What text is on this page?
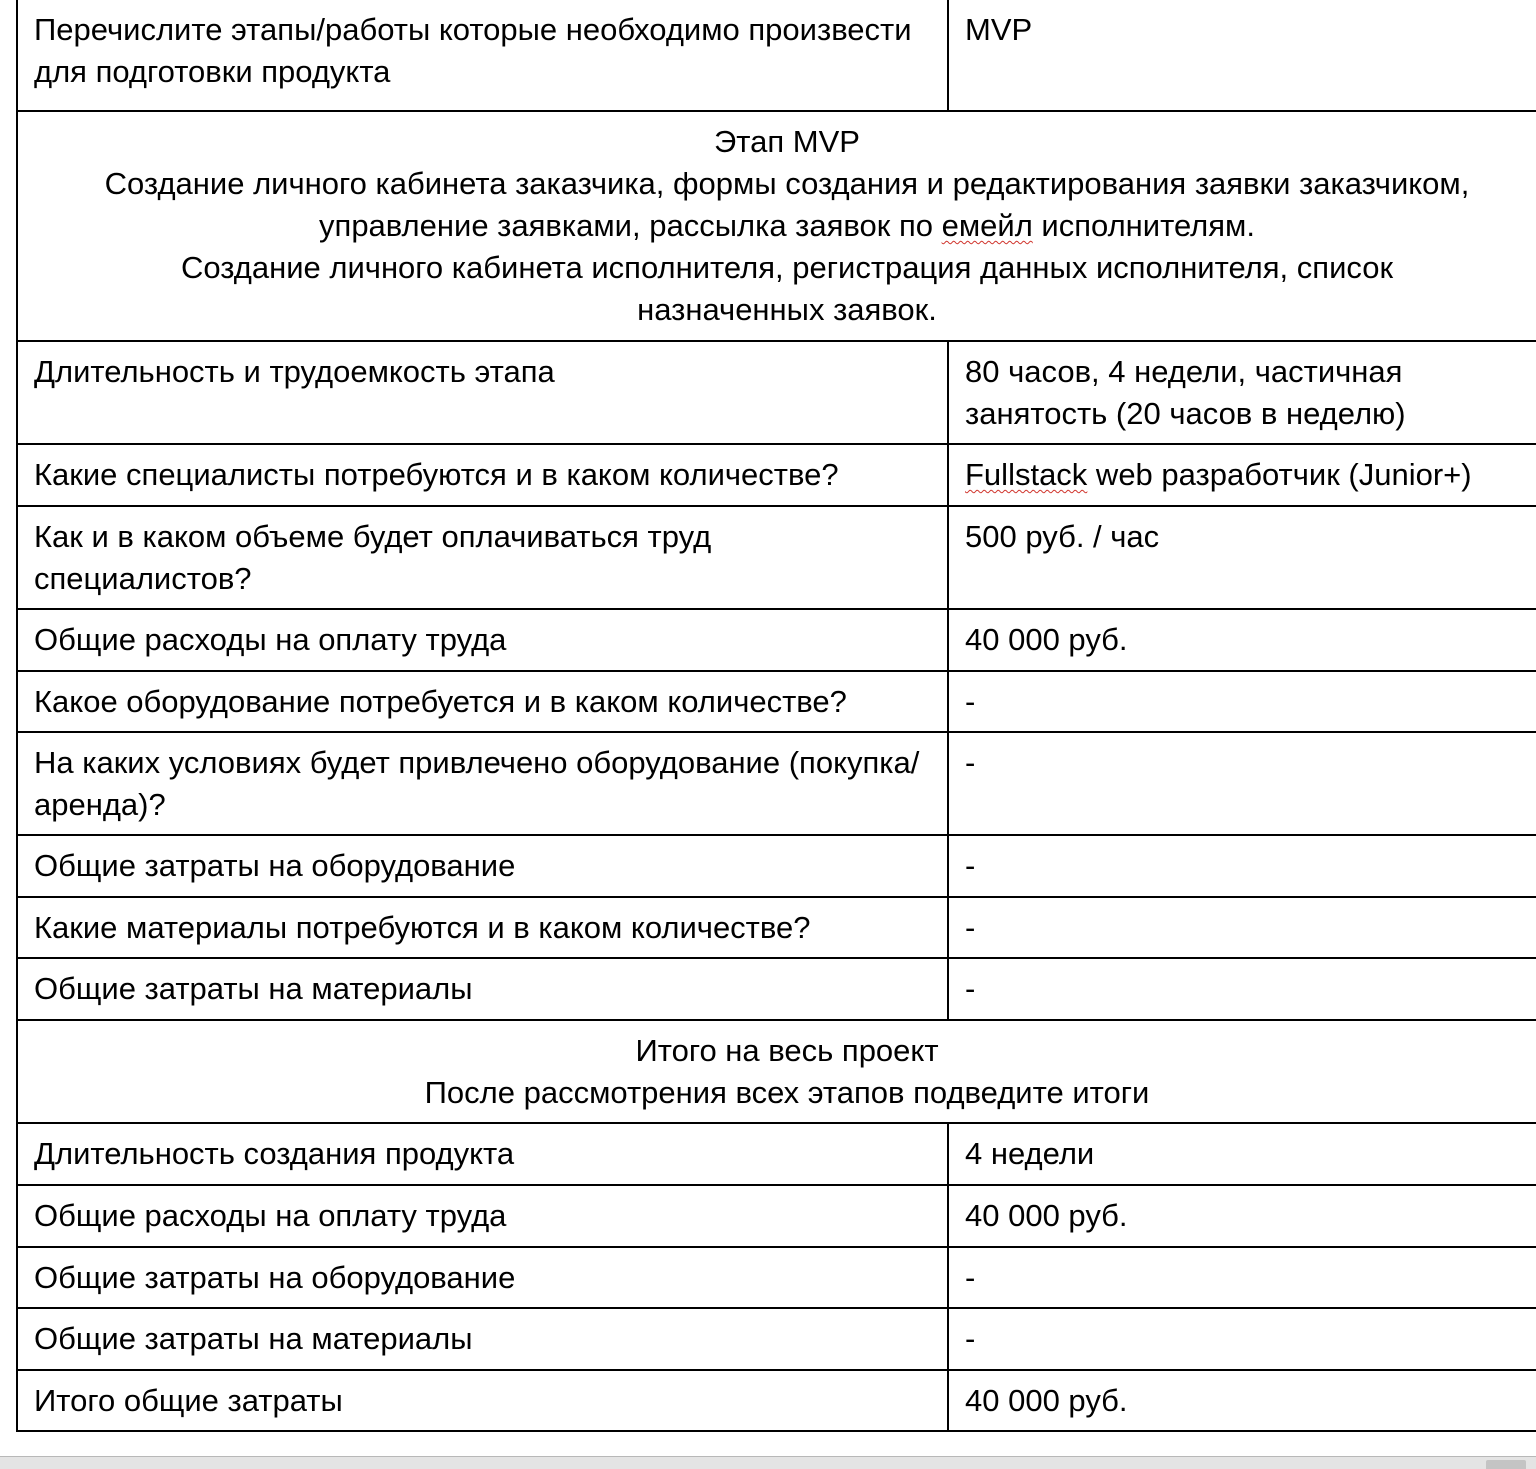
Перечислите этапы/работы которые необходимо произвести для подготовки продукта	MVP

Этап MVP
Создание личного кабинета заказчика, формы создания и редактирования заявки заказчиком,
управление заявками, рассылка заявок по емейл исполнителям.
Создание личного кабинета исполнителя, регистрация данных исполнителя, список
назначенных заявок.	

Длительность и трудоемкость этапа	80 часов, 4 недели, частичная занятость (20 часов в неделю)
Какие специалисты потребуются и в каком количестве?	Fullstack web разработчик (Junior+)
Как и в каком объеме будет оплачиваться труд специалистов?	500 руб. / час
Общие расходы на оплату труда	40 000 руб.
Какое оборудование потребуется и в каком количестве?	-
На каких условиях будет привлечено оборудование (покупка/аренда)?	-
Общие затраты на оборудование	-
Какие материалы потребуются и в каком количестве?	-
Общие затраты на материалы	-

Итого на весь проект
После рассмотрения всех этапов подведите итоги	

Длительность создания продукта	4 недели
Общие расходы на оплату труда	40 000 руб.
Общие затраты на оборудование	-
Общие затраты на материалы	-
Итого общие затраты	40 000 руб.
